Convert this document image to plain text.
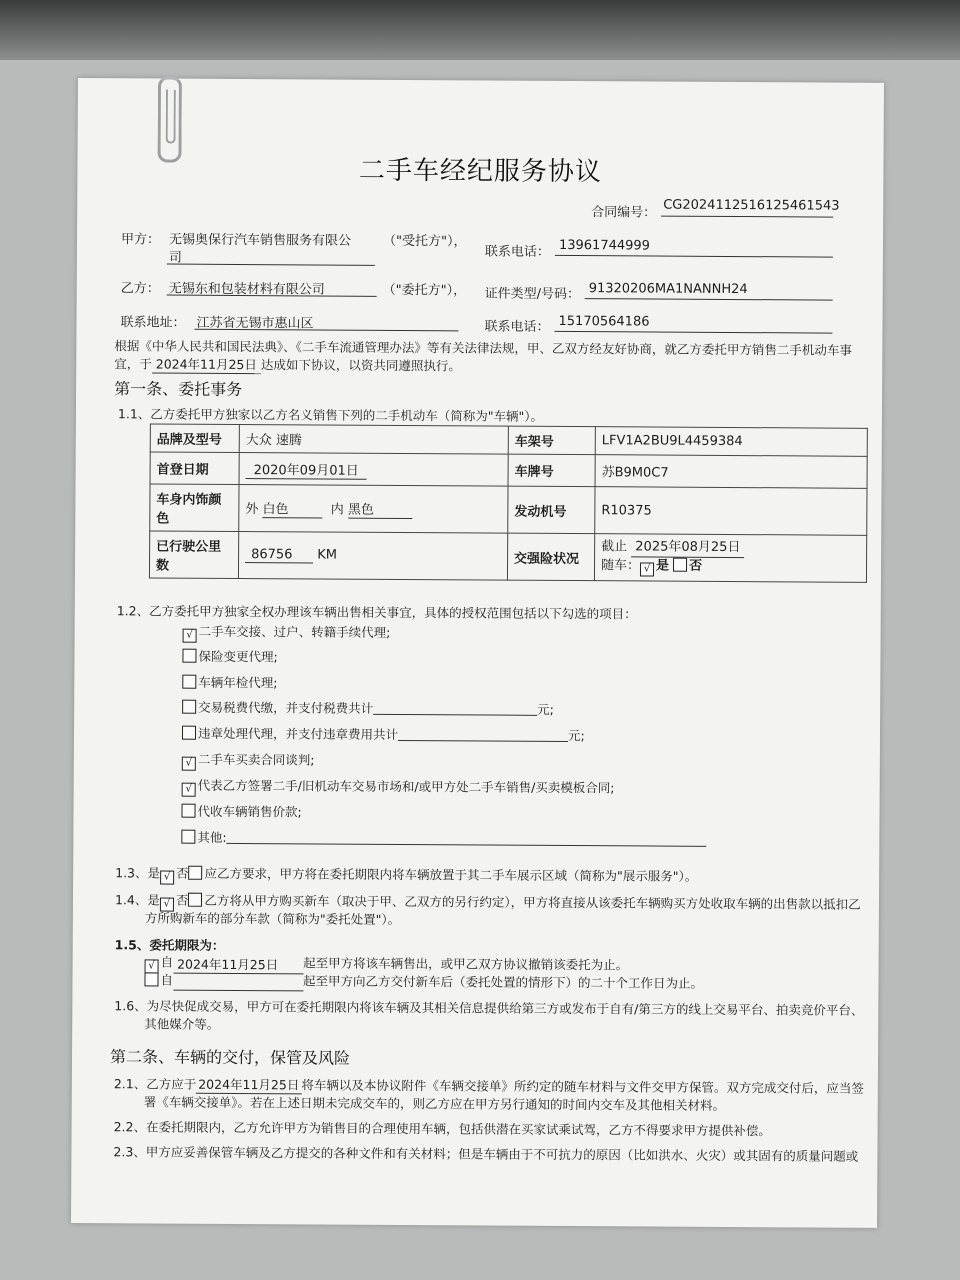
二手车经纪服务协议
合同编号： CG2024112516125461543
甲方： 无锡奥保行汽车销售服务有限公
司
（"受托方"），
联系电话： 13961744999
乙方： 无锡东和包装材料有限公司	（"委托方"）， 证件类型/号码： 91320206MA1NANNH24
联系地址： 江苏省无锡市惠山区	联系电话： 15170564186
根据《中华人民共和国民法典》、《二手车流通管理办法》等有关法律法规，甲、乙双方经友好协商，就乙方委托甲方销售二手机动车事
宜，于 2024年11月25日 达成如下协议，以资共同遵照执行。
第一条、委托事务
1.1、乙方委托甲方独家以乙方名义销售下列的二手机动车（简称为"车辆"）。
品牌及型号	大众 速腾	车架号	LFV1A2BU9L4459384
首登日期	2020年09月01日	车牌号	苏B9M0C7
车身内饰颜色	外 白色 内 黑色	发动机号	R10375
已行驶公里数	86756 KM	交强险状况	截止 2025年08月25日
随车： √ 是 否
1.2、乙方委托甲方独家全权办理该车辆出售相关事宜，具体的授权范围包括以下勾选的项目：
√ 二手车交接、过户、转籍手续代理;
保险变更代理;
车辆年检代理;
交易税费代缴，并支付税费共计	元;
违章处理代理，并支付违章费用共计	元;
√ 二手车买卖合同谈判;
√ 代表乙方签署二手/旧机动车交易市场和/或甲方处二手车销售/买卖模板合同;
代收车辆销售价款;
其他:
1.3、是 √ 否 应乙方要求，甲方将在委托期限内将车辆放置于其二手车展示区域（简称为"展示服务"）。
1.4、是 √ 否 乙方将从甲方购买新车（取决于甲、乙双方的另行约定），甲方将直接从该委托车辆购买方处收取车辆的出售款以抵扣乙
方所购新车的部分车款（简称为"委托处置"）。
1.5、委托期限为：
√ 自 2024年11月25日 起至甲方将该车辆售出，或甲乙双方协议撤销该委托为止。
自	起至甲方向乙方交付新车后（委托处置的情形下）的二十个工作日为止。
1.6、为尽快促成交易，甲方可在委托期限内将该车辆及其相关信息提供给第三方或发布于自有/第三方的线上交易平台、拍卖竞价平台、
其他媒介等。
第二条、车辆的交付，保管及风险
2.1、乙方应于 2024年11月25日 将车辆以及本协议附件《车辆交接单》所约定的随车材料与文件交甲方保管。双方完成交付后，应当签
署《车辆交接单》。若在上述日期未完成交车的，则乙方应在甲方另行通知的时间内交车及其他相关材料。
2.2、在委托期限内，乙方允许甲方为销售目的合理使用车辆，包括供潜在买家试乘试驾，乙方不得要求甲方提供补偿。
2.3、甲方应妥善保管车辆及乙方提交的各种文件和有关材料；但是车辆由于不可抗力的原因（比如洪水、火灾）或其固有的质量问题或
